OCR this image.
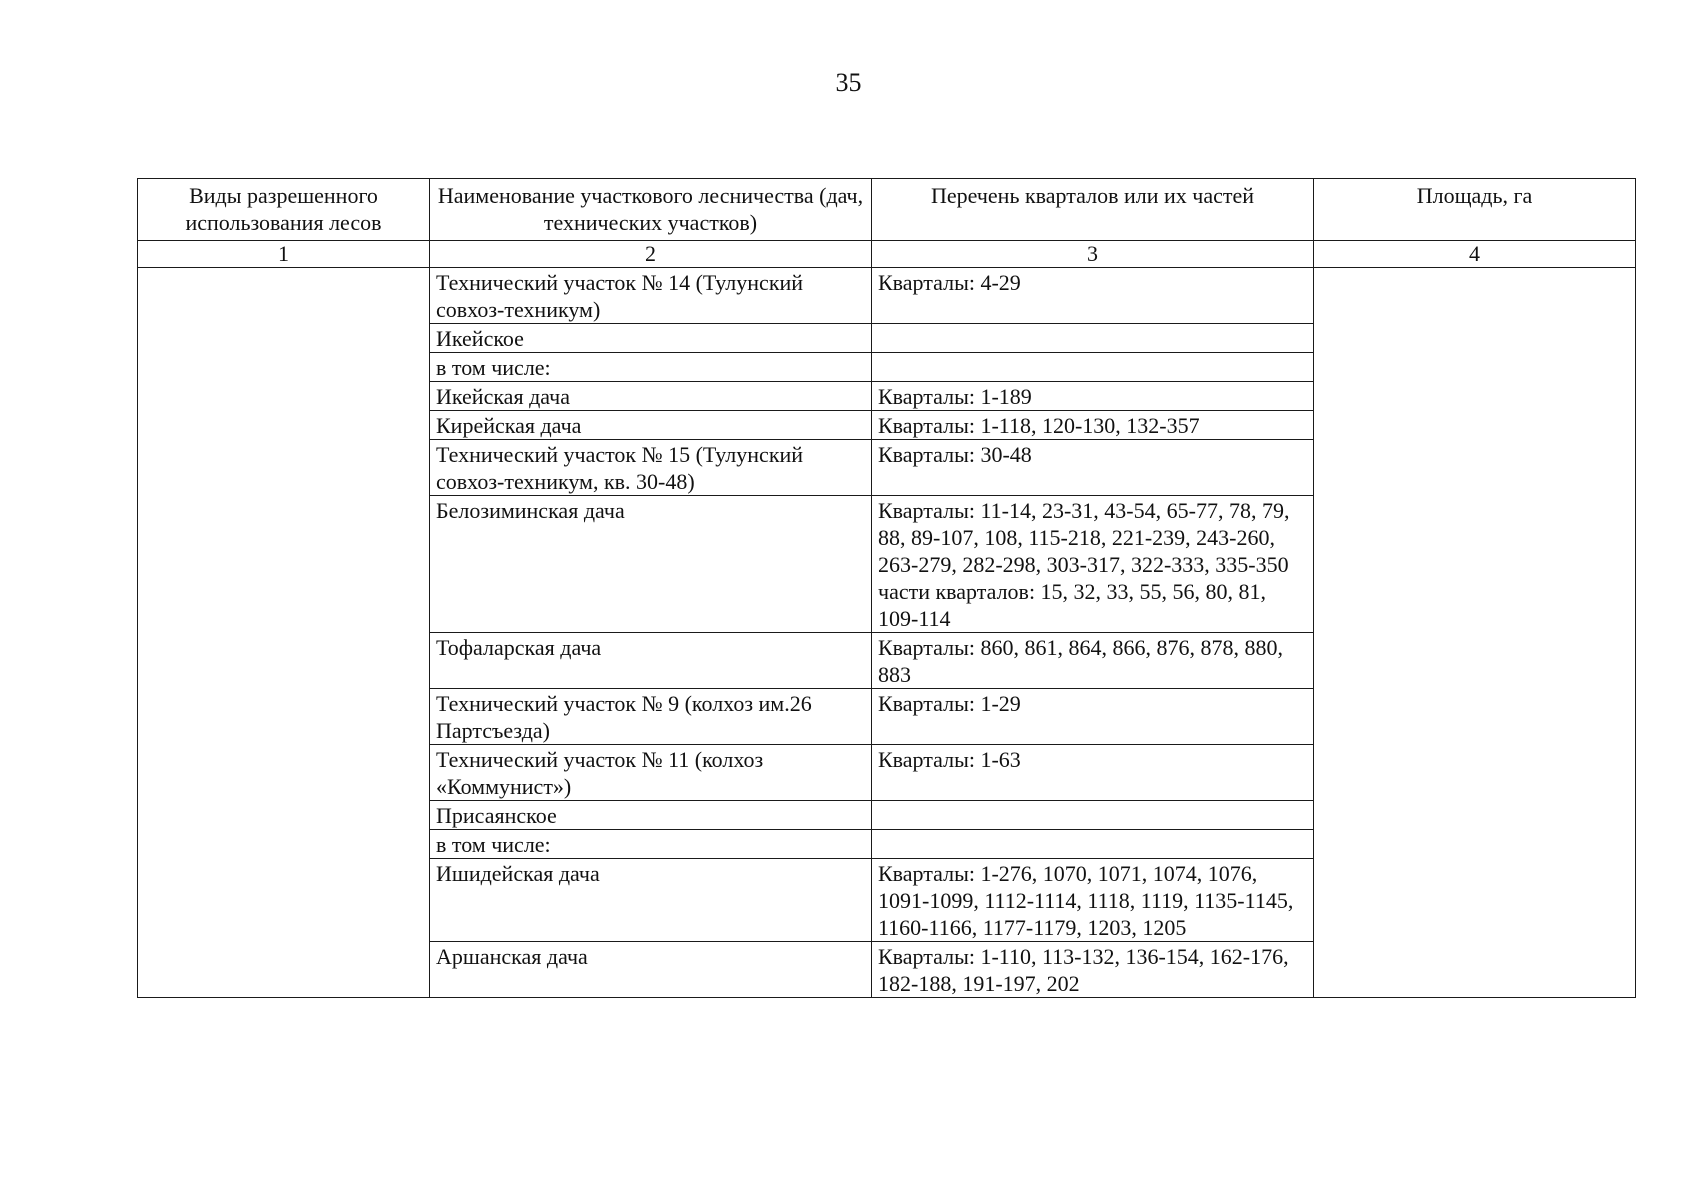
35
Виды разрешенного использования лесов	Наименование участкового лесничества (дач, технических участков)	Перечень кварталов или их частей	Площадь, га
1	2	3	4
	Технический участок № 14 (Тулунский совхоз-техникум)	Кварталы: 4-29	
	Икейское		
	в том числе:		
	Икейская дача	Кварталы: 1-189	
	Кирейская дача	Кварталы: 1-118, 120-130, 132-357	
	Технический участок № 15 (Тулунский совхоз-техникум, кв. 30-48)	Кварталы: 30-48	
	Белозиминская дача	Кварталы: 11-14, 23-31, 43-54, 65-77, 78, 79, 88, 89-107, 108, 115-218, 221-239, 243-260, 263-279, 282-298, 303-317, 322-333, 335-350
части кварталов: 15, 32, 33, 55, 56, 80, 81, 109-114	

	Тофаларская дача	Кварталы: 860, 861, 864, 866, 876, 878, 880, 883	
	Технический участок № 9 (колхоз им.26 Партсъезда)	Кварталы: 1-29	
	Технический участок № 11 (колхоз «Коммунист»)	Кварталы: 1-63	
	Присаянское		
	в том числе:		
	Ишидейская дача	Кварталы: 1-276, 1070, 1071, 1074, 1076, 1091-1099, 1112-1114, 1118, 1119, 1135-1145, 1160-1166, 1177-1179, 1203, 1205	
	Аршанская дача	Кварталы: 1-110, 113-132, 136-154, 162-176, 182-188, 191-197, 202	
